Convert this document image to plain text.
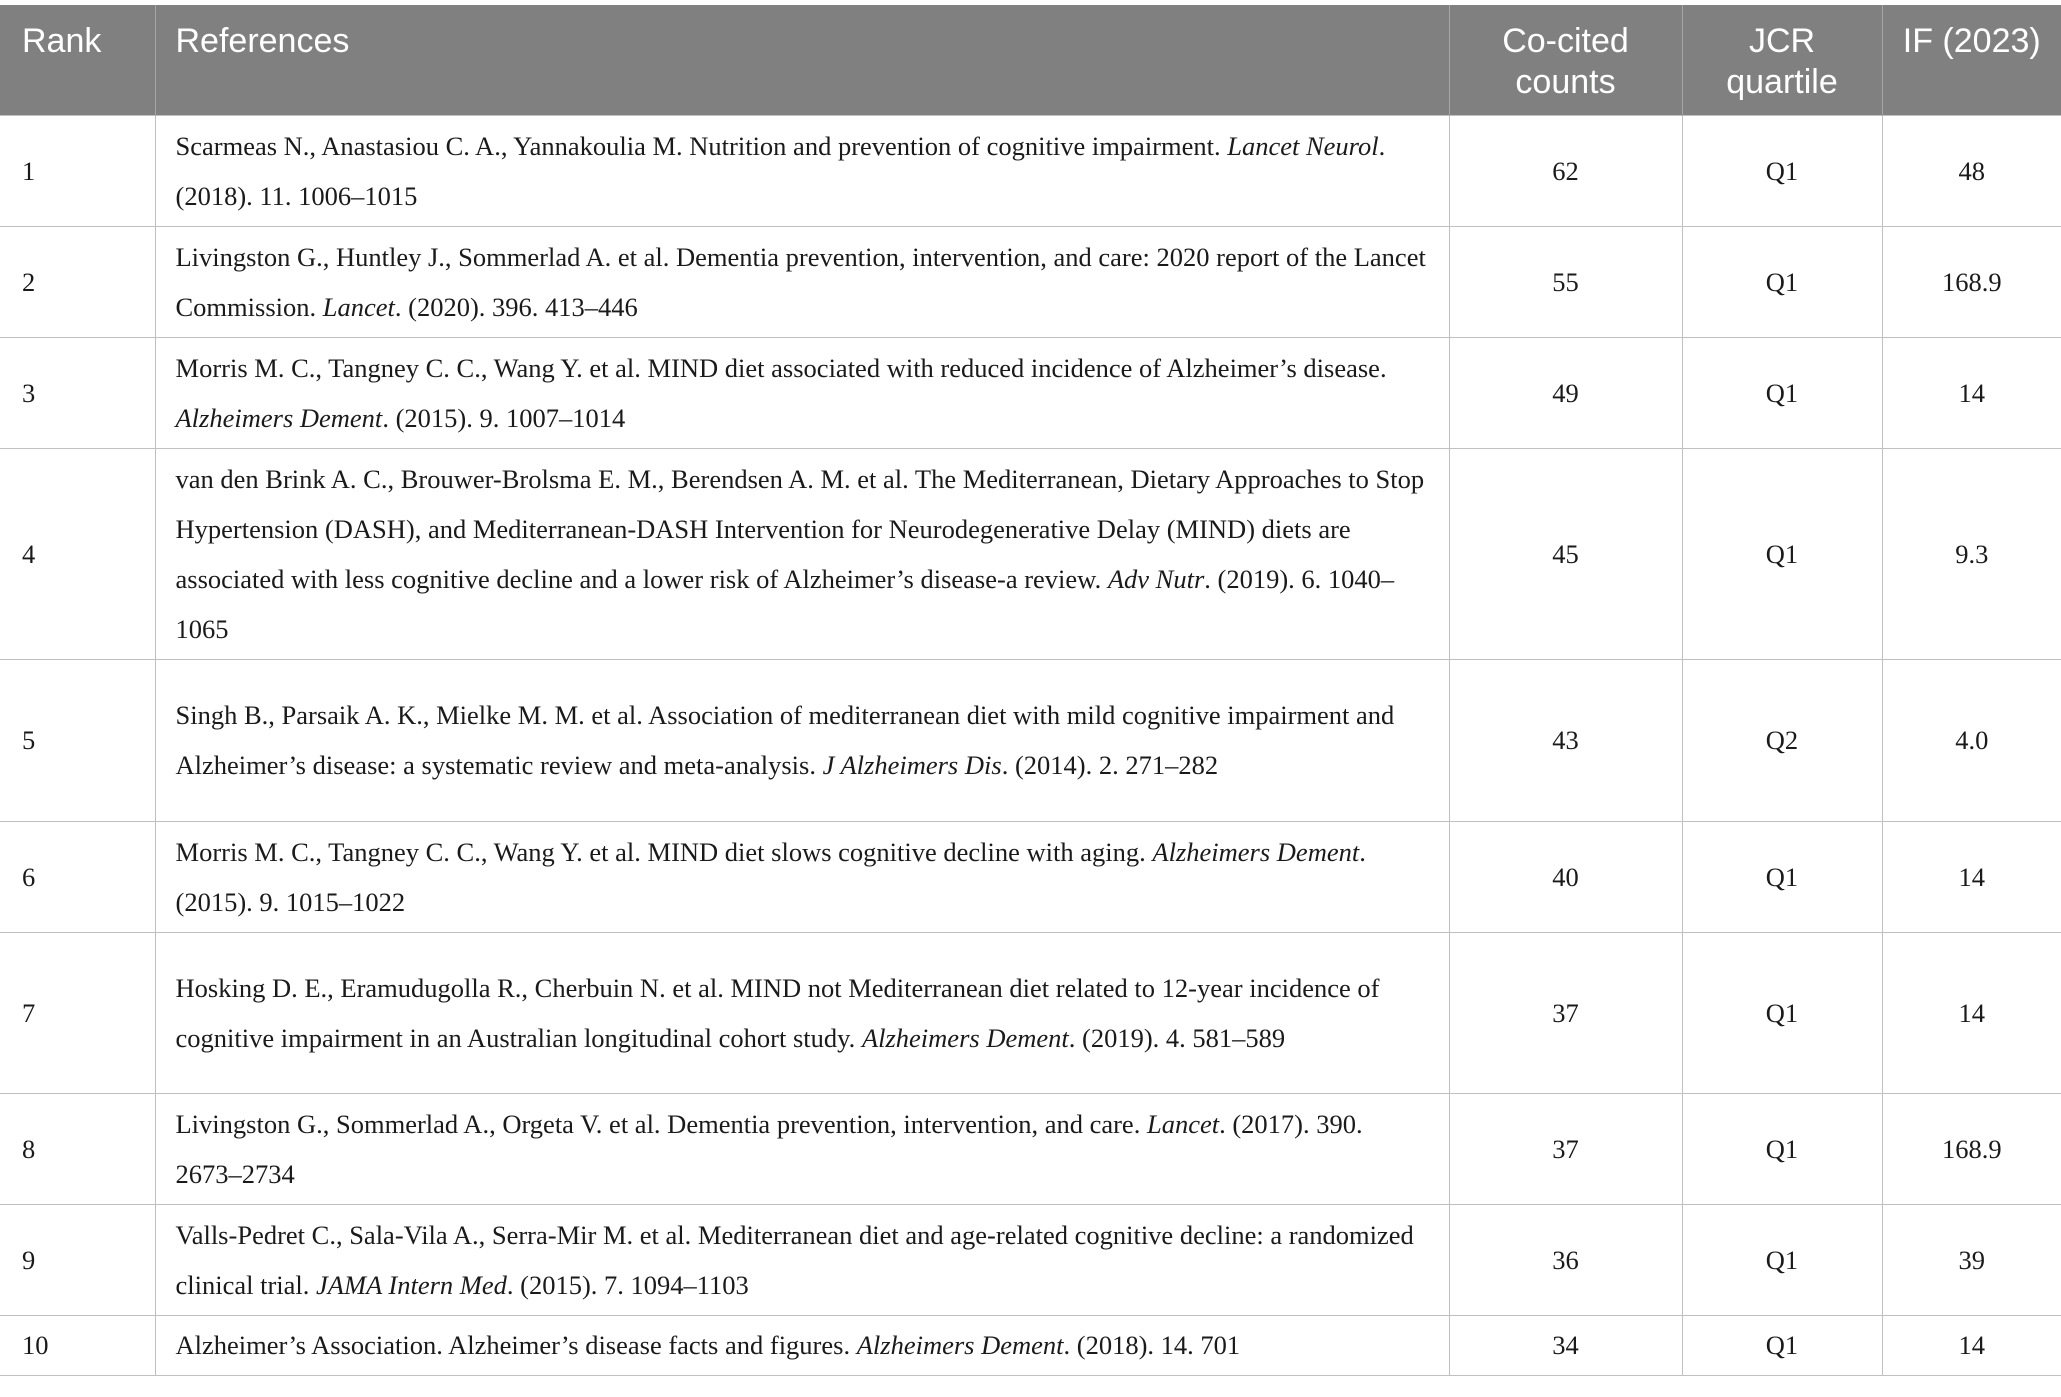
Rank	References	Co-cited counts	JCR quartile	IF (2023)
1	Scarmeas N., Anastasiou C. A., Yannakoulia M. Nutrition and prevention of cognitive impairment. Lancet Neurol. (2018). 11. 1006–1015	62	Q1	48
2	Livingston G., Huntley J., Sommerlad A. et al. Dementia prevention, intervention, and care: 2020 report of the Lancet Commission. Lancet. (2020). 396. 413–446	55	Q1	168.9
3	Morris M. C., Tangney C. C., Wang Y. et al. MIND diet associated with reduced incidence of Alzheimer’s disease. Alzheimers Dement. (2015). 9. 1007–1014	49	Q1	14
4	van den Brink A. C., Brouwer-Brolsma E. M., Berendsen A. M. et al. The Mediterranean, Dietary Approaches to Stop Hypertension (DASH), and Mediterranean-DASH Intervention for Neurodegenerative Delay (MIND) diets are associated with less cognitive decline and a lower risk of Alzheimer’s disease-a review. Adv Nutr. (2019). 6. 1040–1065	45	Q1	9.3
5	Singh B., Parsaik A. K., Mielke M. M. et al. Association of mediterranean diet with mild cognitive impairment and Alzheimer’s disease: a systematic review and meta-analysis. J Alzheimers Dis. (2014). 2. 271–282	43	Q2	4.0
6	Morris M. C., Tangney C. C., Wang Y. et al. MIND diet slows cognitive decline with aging. Alzheimers Dement. (2015). 9. 1015–1022	40	Q1	14
7	Hosking D. E., Eramudugolla R., Cherbuin N. et al. MIND not Mediterranean diet related to 12-year incidence of cognitive impairment in an Australian longitudinal cohort study. Alzheimers Dement. (2019). 4. 581–589	37	Q1	14
8	Livingston G., Sommerlad A., Orgeta V. et al. Dementia prevention, intervention, and care. Lancet. (2017). 390. 2673–2734	37	Q1	168.9
9	Valls-Pedret C., Sala-Vila A., Serra-Mir M. et al. Mediterranean diet and age-related cognitive decline: a randomized clinical trial. JAMA Intern Med. (2015). 7. 1094–1103	36	Q1	39
10	Alzheimer’s Association. Alzheimer’s disease facts and figures. Alzheimers Dement. (2018). 14. 701	34	Q1	14
